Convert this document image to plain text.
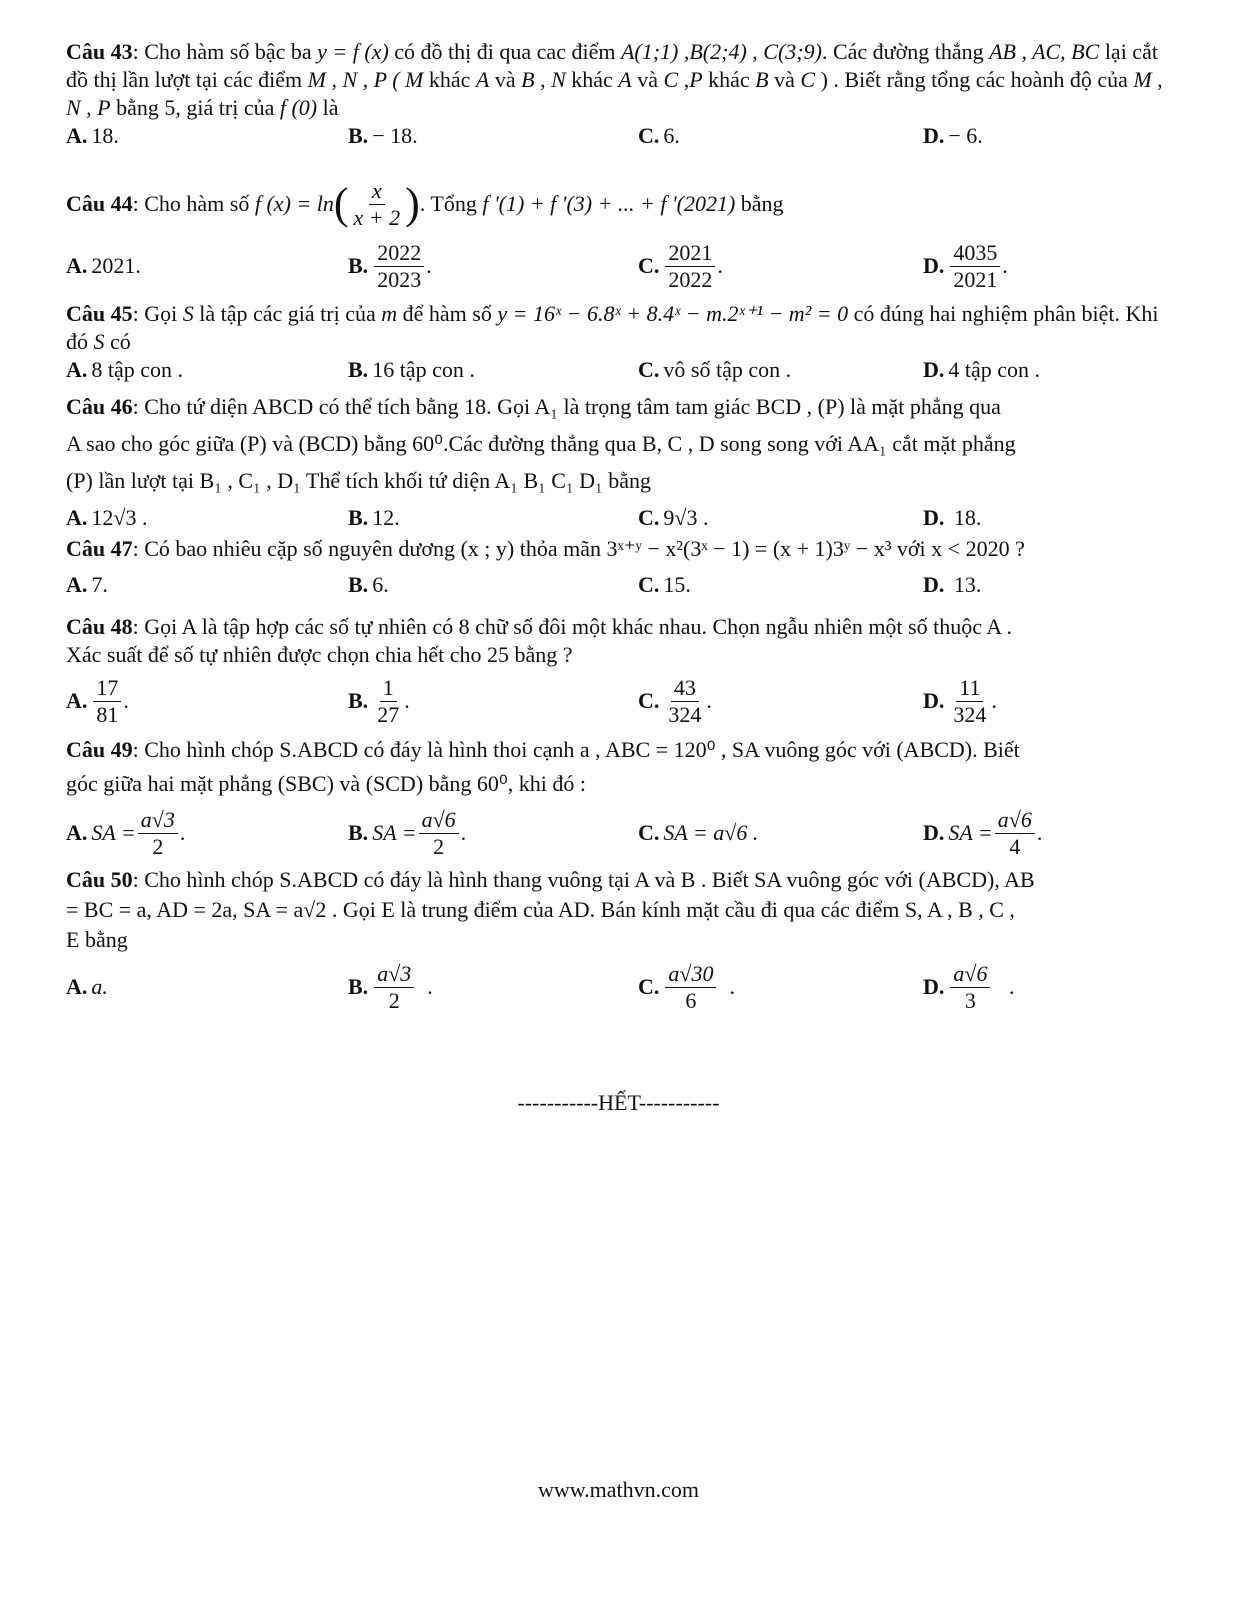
Câu 43: Cho hàm số bậc ba y = f (x) có đồ thị đi qua cac điểm A(1;1) ,B(2;4) , C(3;9). Các đường thẳng AB , AC, BC lại cắt đồ thị lần lượt tại các điểm M , N , P ( M khác A và B , N khác A và C ,P khác B và C ) . Biết rằng tổng các hoành độ của M , N , P bằng 5, giá trị của f (0) là

A. 18.	B. − 18.	C. 6.	D. − 6.

Câu 44 : Cho hàm số f (x) = ln ( $\frac{x}{x + 2}$ ) . Tổng f '(1) + f '(3) + ... + f '(2021) bằng

A. 2021.	B. $\frac{2022}{2023}$ .	C. $\frac{2021}{2022}$ .	D. $\frac{4035}{2021}$ .

Câu 45: Gọi S là tập các giá trị của m để hàm số y = 16ˣ − 6.8ˣ + 8.4ˣ − m.2ˣ⁺¹ − m² = 0 có đúng hai nghiệm phân biệt. Khi đó S có

A. 8 tập con .	B. 16 tập con .	C. vô số tập con .	D. 4 tập con .

Câu 46: Cho tứ diện ABCD có thể tích bằng 18. Gọi A₁ là trọng tâm tam giác BCD , (P) là mặt phẳng qua
A sao cho góc giữa (P) và (BCD) bằng 60⁰.Các đường thẳng qua B, C , D song song với AA₁ cắt mặt phẳng
(P) lần lượt tại B₁ , C₁ , D₁ Thể tích khối tứ diện A₁ B₁ C₁ D₁ bằng

A. 12√3 .	B. 12.	C. 9√3 .	D. 18.

Câu 47: Có bao nhiêu cặp số nguyên dương (x ; y) thỏa mãn 3ˣ⁺ʸ − x²(3ˣ − 1) = (x + 1)3ʸ − x³ với x < 2020 ?

A. 7.	B. 6.	C. 15.	D. 13.

Câu 48: Gọi A là tập hợp các số tự nhiên có 8 chữ số đôi một khác nhau. Chọn ngẫu nhiên một số thuộc A .
Xác suất để số tự nhiên được chọn chia hết cho 25 bằng ?

A. $\frac{17}{81}$ .	B. $\frac{1}{27}$ .	C. $\frac{43}{324}$ .	D. $\frac{11}{324}$ .

Câu 49: Cho hình chóp S.ABCD có đáy là hình thoi cạnh a , ABC = 120⁰ , SA vuông góc với (ABCD). Biết
góc giữa hai mặt phẳng (SBC) và (SCD) bằng 60⁰, khi đó :

A. SA = $\frac{a√3}{2}$ .	B. SA = $\frac{a√6}{2}$ .	C. SA = a√6 .	D. SA = $\frac{a√6}{4}$ .

Câu 50: Cho hình chóp S.ABCD có đáy là hình thang vuông tại A và B . Biết SA vuông góc với (ABCD), AB
= BC = a, AD = 2a, SA = a√2 . Gọi E là trung điểm của AD. Bán kính mặt cầu đi qua các điểm S, A , B , C ,
E bằng

A. a.	B. $\frac{a√3}{2}$ .	C. $\frac{a√30}{6}$ .	D. $\frac{a√6}{3}$ .
-----------HẾT-----------
www.mathvn.com
